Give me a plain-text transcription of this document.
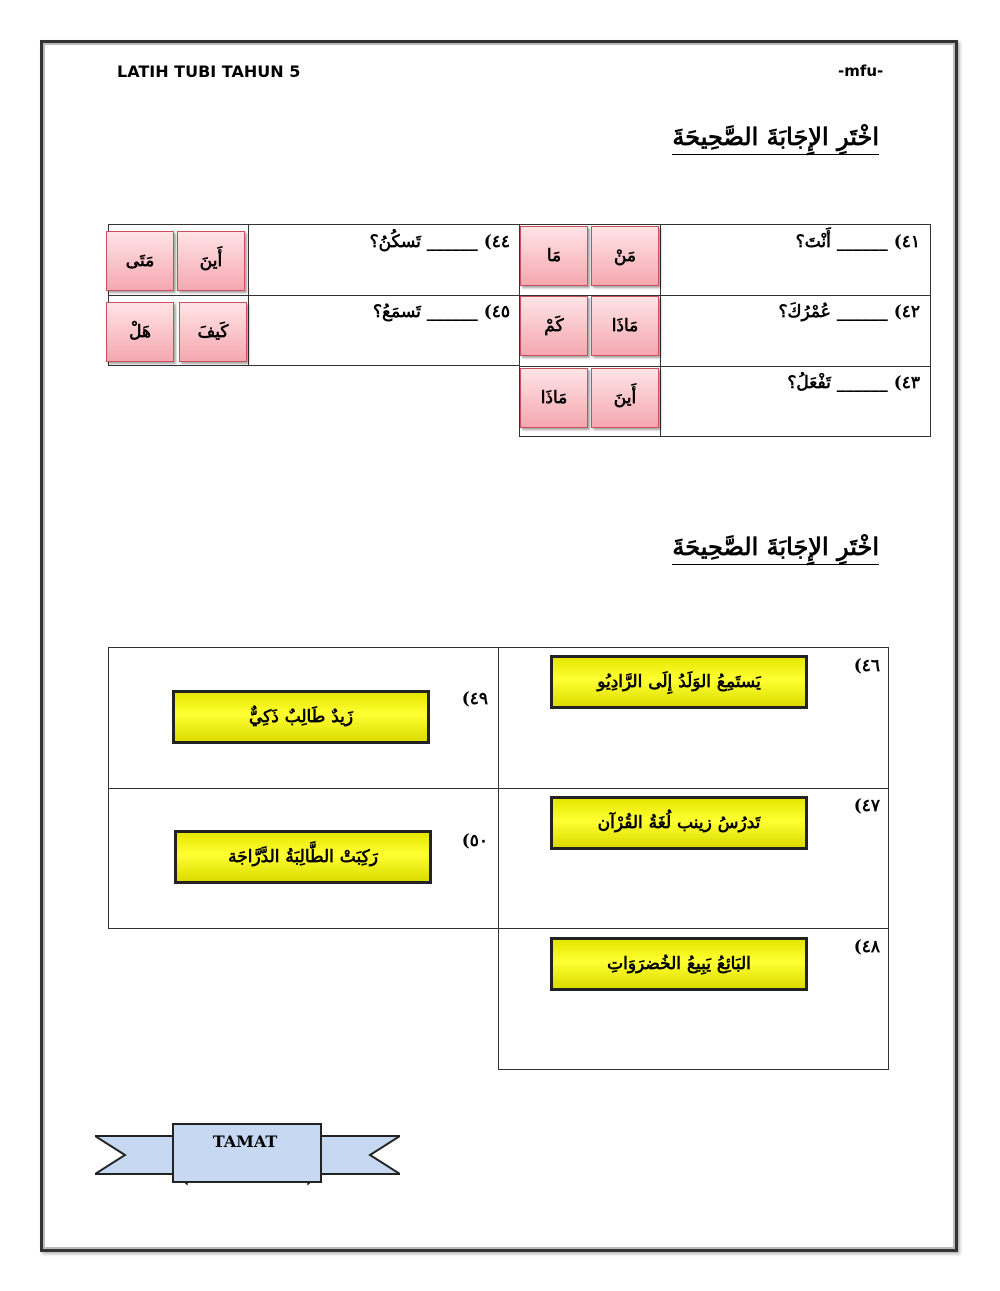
LATIH TUBI TAHUN 5	-mfu-
اخْتَرِ الإِجَابَةَ الصَّحِيحَةَ
٤١) ______ أَنْتَ؟
مَنْ
مَا
٤٢) ______ عُمْرُكَ؟
مَاذَا
كَمْ
٤٣) ______ تَفْعَلُ؟
أَينَ
مَاذَا
٤٤) ______ تَسكُنُ؟
أَينَ
مَتَى
٤٥) ______ تَسمَعُ؟
كَيفَ
هَلْ
اخْتَرِ الإِجَابَةَ الصَّحِيحَةَ
٤٦)
يَستَمِعُ الوَلَدُ إِلَى الرَّادِيُو
٤٧)
تَدرُسُ زينب لُغَةُ القُرْآن
٤٨)
البَائِعُ يَبِيعُ الخُضرَوَاتِ
٤٩)
زَيدٌ طَالِبٌ ذَكِيٌّ
٥٠)
رَكِبَتْ الطَّالِبَةُ الدَّرَّاجَة
TAMAT
